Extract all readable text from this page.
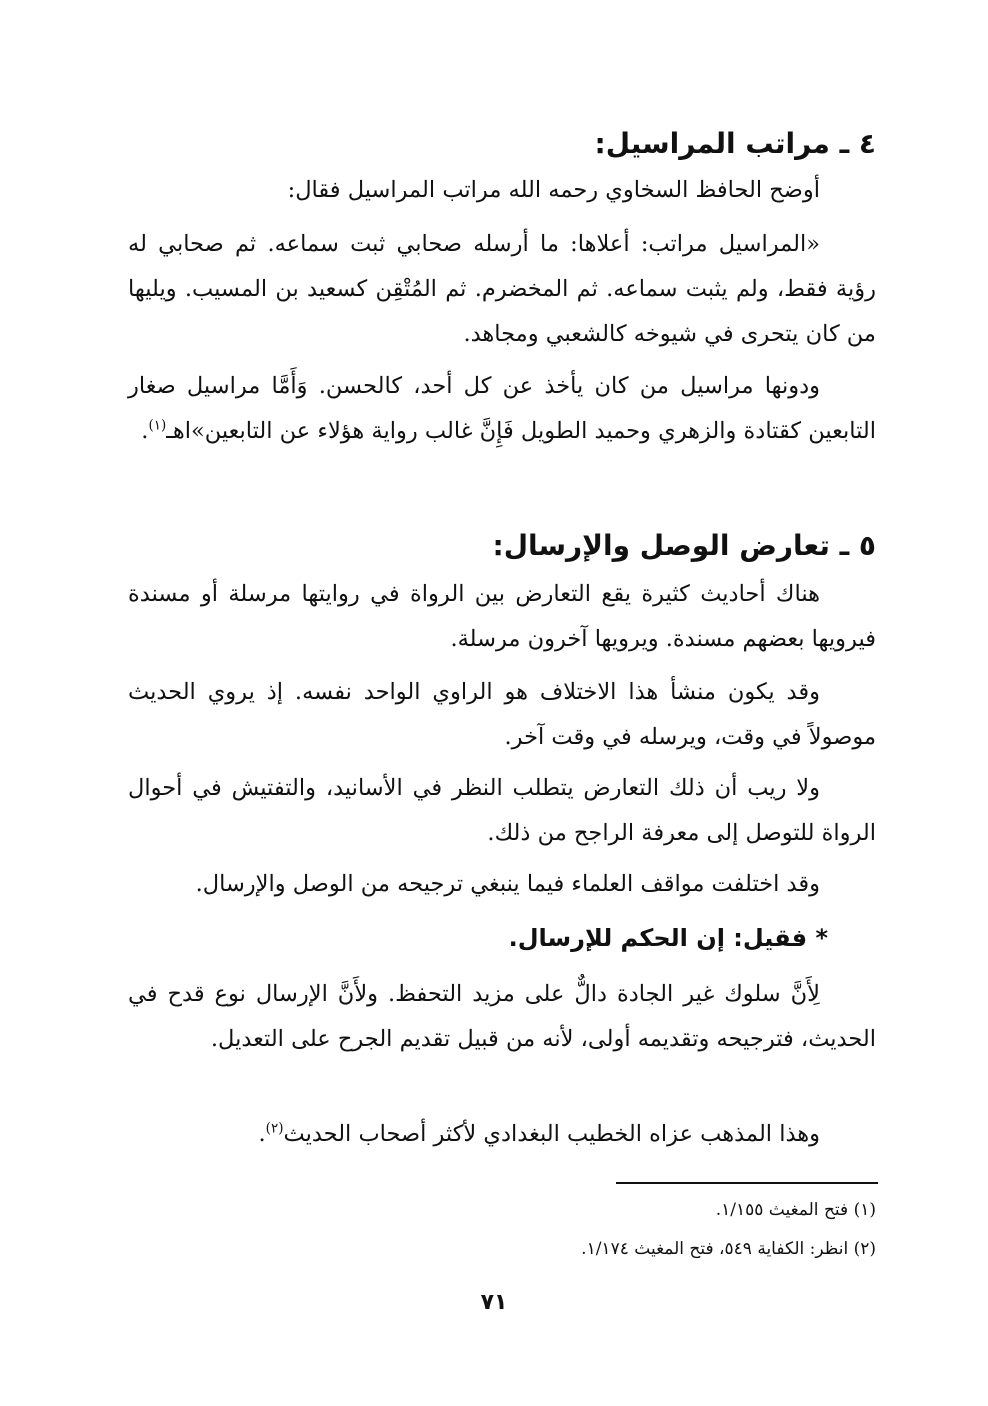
٤ ـ مراتب المراسيل:
أوضح الحافظ السخاوي رحمه الله مراتب المراسيل فقال:
«المراسيل مراتب: أعلاها: ما أرسله صحابي ثبت سماعه. ثم صحابي له رؤية فقط، ولم يثبت سماعه. ثم المخضرم. ثم المُتْقِن كسعيد بن المسيب. ويليها من كان يتحرى في شيوخه كالشعبي ومجاهد.
ودونها مراسيل من كان يأخذ عن كل أحد، كالحسن. وَأَمَّا مراسيل صغار التابعين كقتادة والزهري وحميد الطويل فَإِنَّ غالب رواية هؤلاء عن التابعين»اهـ$^{(١)}$.
٥ ـ تعارض الوصل والإرسال:
هناك أحاديث كثيرة يقع التعارض بين الرواة في روايتها مرسلة أو مسندة فيرويها بعضهم مسندة. ويرويها آخرون مرسلة.
وقد يكون منشأ هذا الاختلاف هو الراوي الواحد نفسه. إذ يروي الحديث موصولاً في وقت، ويرسله في وقت آخر.
ولا ريب أن ذلك التعارض يتطلب النظر في الأسانيد، والتفتيش في أحوال الرواة للتوصل إلى معرفة الراجح من ذلك.
وقد اختلفت مواقف العلماء فيما ينبغي ترجيحه من الوصل والإرسال.
* فقيل: إن الحكم للإرسال.
لِأَنَّ سلوك غير الجادة دالٌّ على مزيد التحفظ. ولأَنَّ الإرسال نوع قدح في الحديث، فترجيحه وتقديمه أولى، لأنه من قبيل تقديم الجرح على التعديل.
وهذا المذهب عزاه الخطيب البغدادي لأكثر أصحاب الحديث$^{(٢)}$.
(١) فتح المغيث ١/١٥٥.
(٢) انظر: الكفاية ٥٤٩، فتح المغيث ١/١٧٤.
٧١
